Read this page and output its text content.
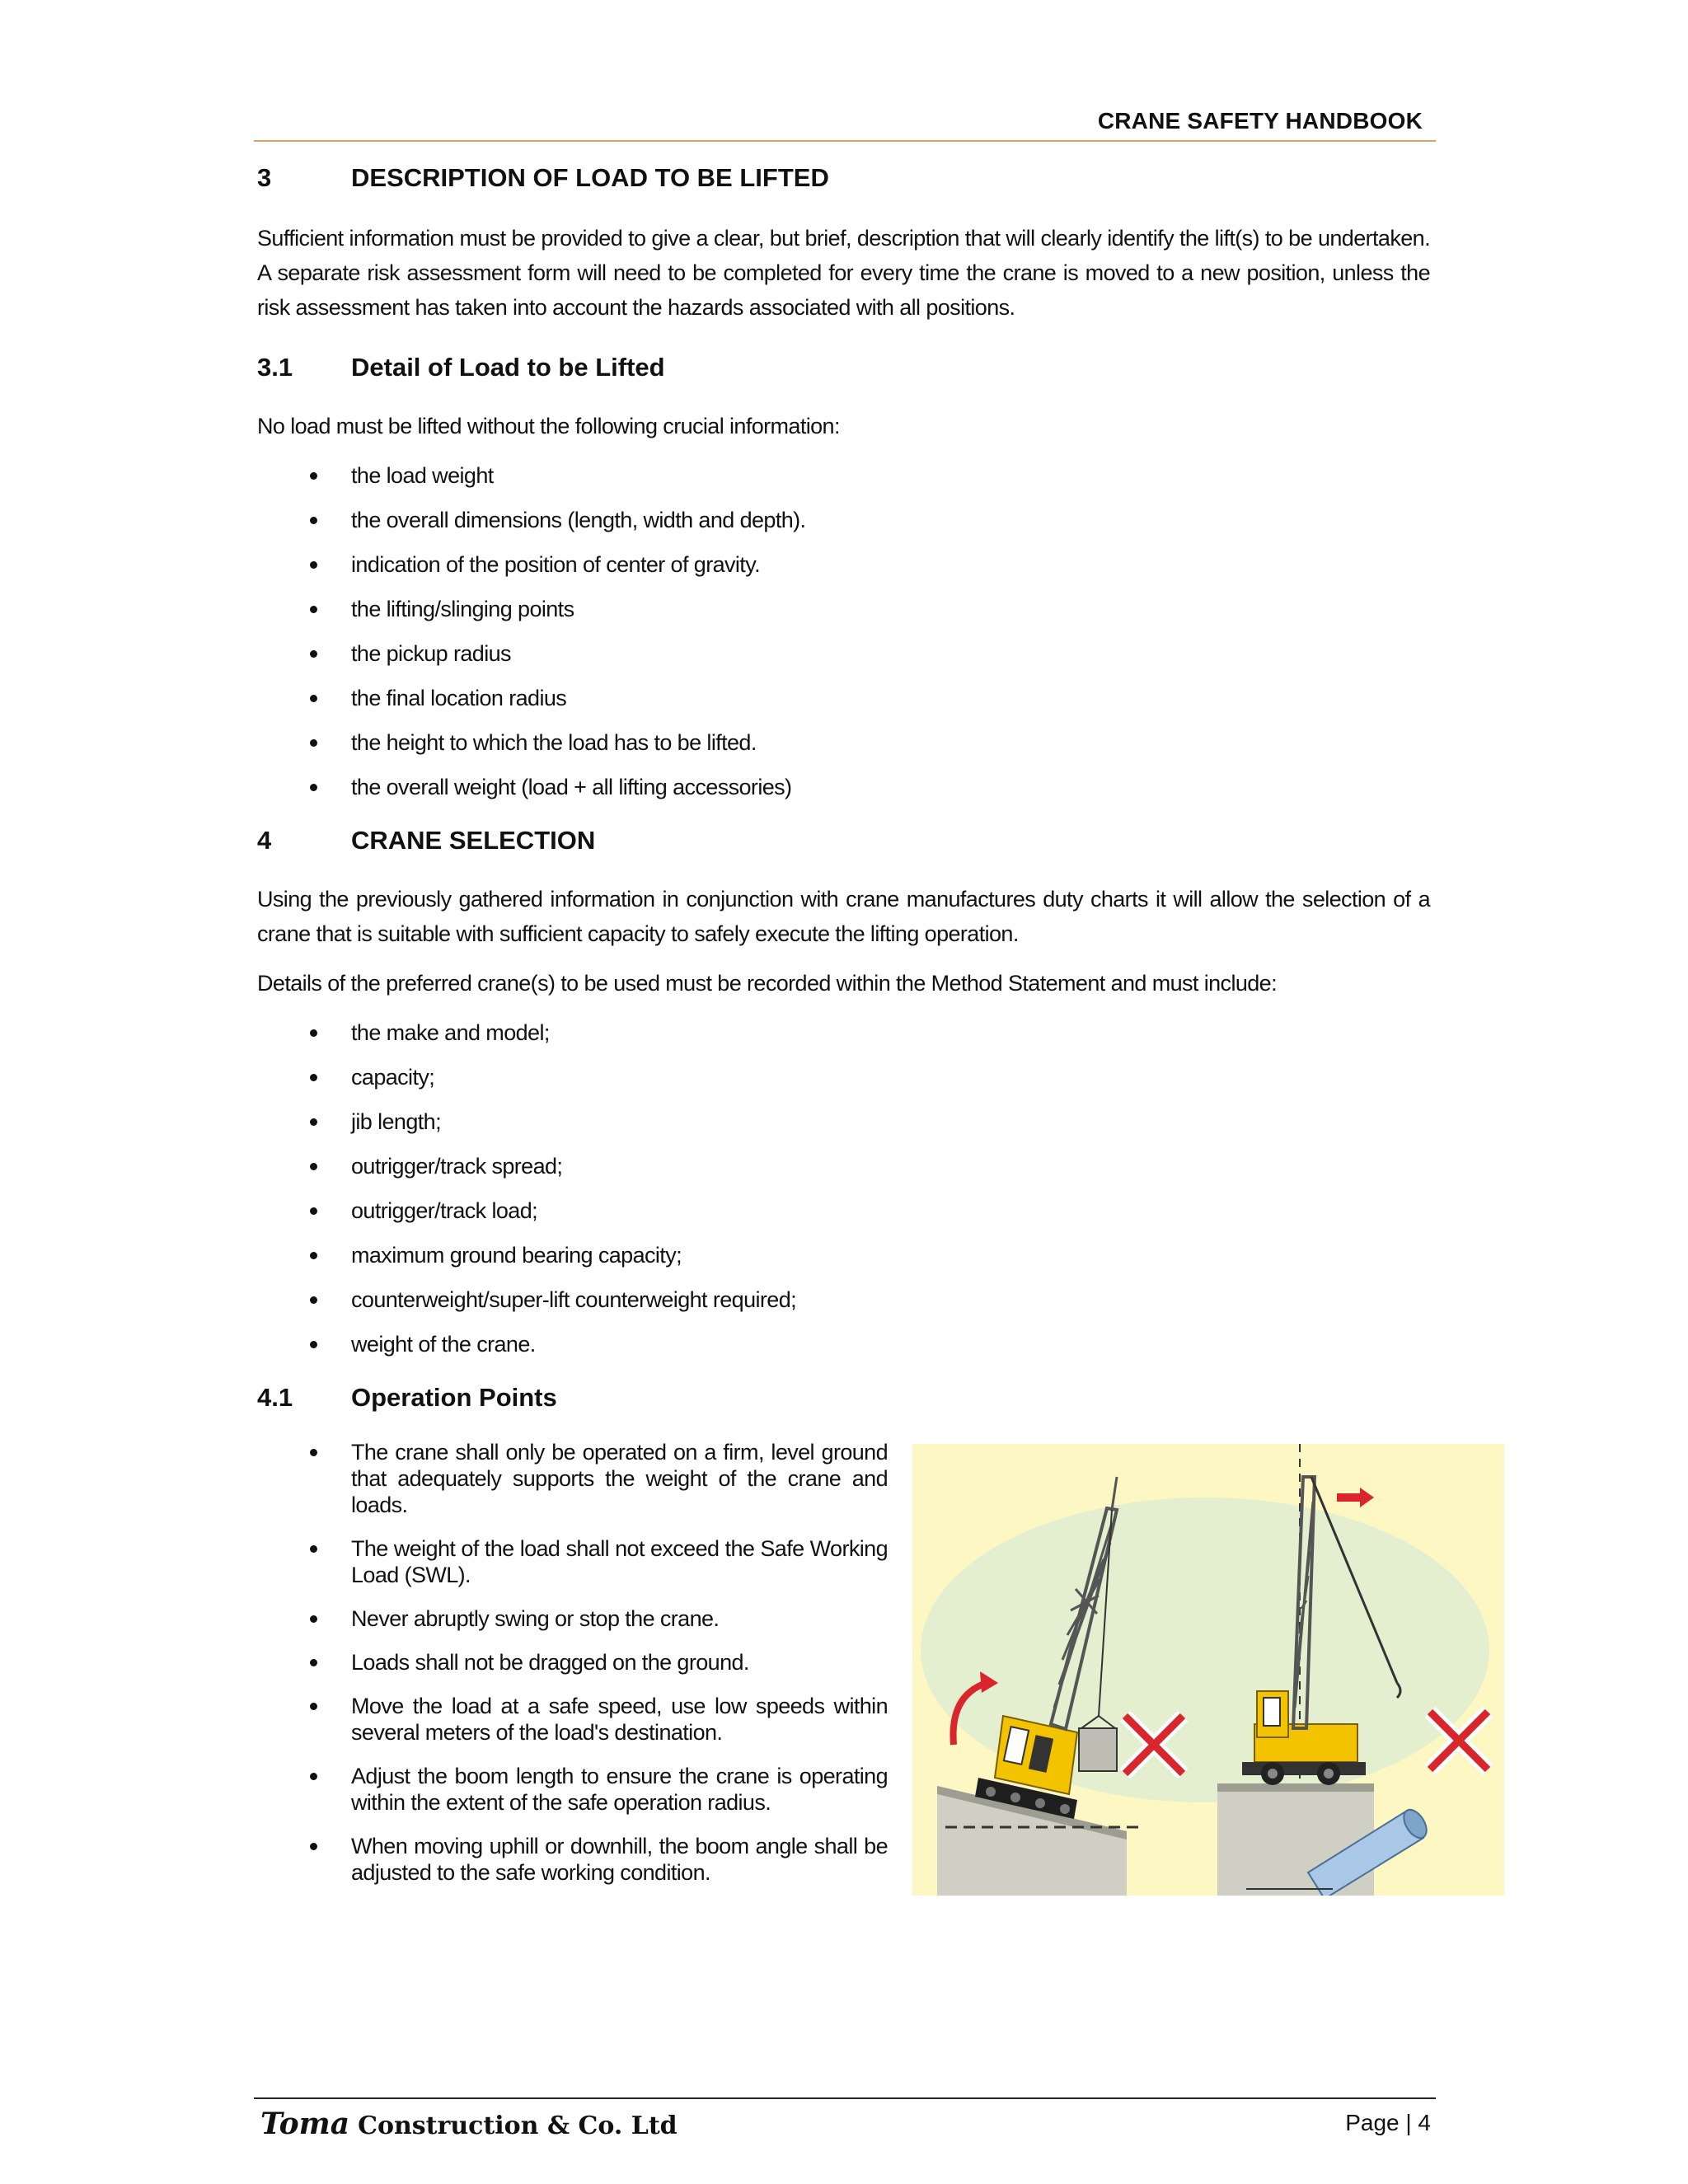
CRANE SAFETY HANDBOOK
3	DESCRIPTION OF LOAD TO BE LIFTED
Sufficient information must be provided to give a clear, but brief, description that will clearly identify the lift(s) to be undertaken. A separate risk assessment form will need to be completed for every time the crane is moved to a new position, unless the risk assessment has taken into account the hazards associated with all positions.
3.1 Detail of Load to be Lifted
No load must be lifted without the following crucial information:
the load weight
the overall dimensions (length, width and depth).
indication of the position of center of gravity.
the lifting/slinging points
the pickup radius
the final location radius
the height to which the load has to be lifted.
the overall weight (load + all lifting accessories)
4	CRANE SELECTION
Using the previously gathered information in conjunction with crane manufactures duty charts it will allow the selection of a crane that is suitable with sufficient capacity to safely execute the lifting operation.
Details of the preferred crane(s) to be used must be recorded within the Method Statement and must include:
the make and model;
capacity;
jib length;
outrigger/track spread;
outrigger/track load;
maximum ground bearing capacity;
counterweight/super-lift counterweight required;
weight of the crane.
4.1 Operation Points
The crane shall only be operated on a firm, level ground that adequately supports the weight of the crane and loads.
The weight of the load shall not exceed the Safe Working Load (SWL).
Never abruptly swing or stop the crane.
Loads shall not be dragged on the ground.
Move the load at a safe speed, use low speeds within several meters of the load's destination.
Adjust the boom length to ensure the crane is operating within the extent of the safe operation radius.
When moving uphill or downhill, the boom angle shall be adjusted to the safe working condition.
Toma Construction & Co. Ltd	Page | 4
